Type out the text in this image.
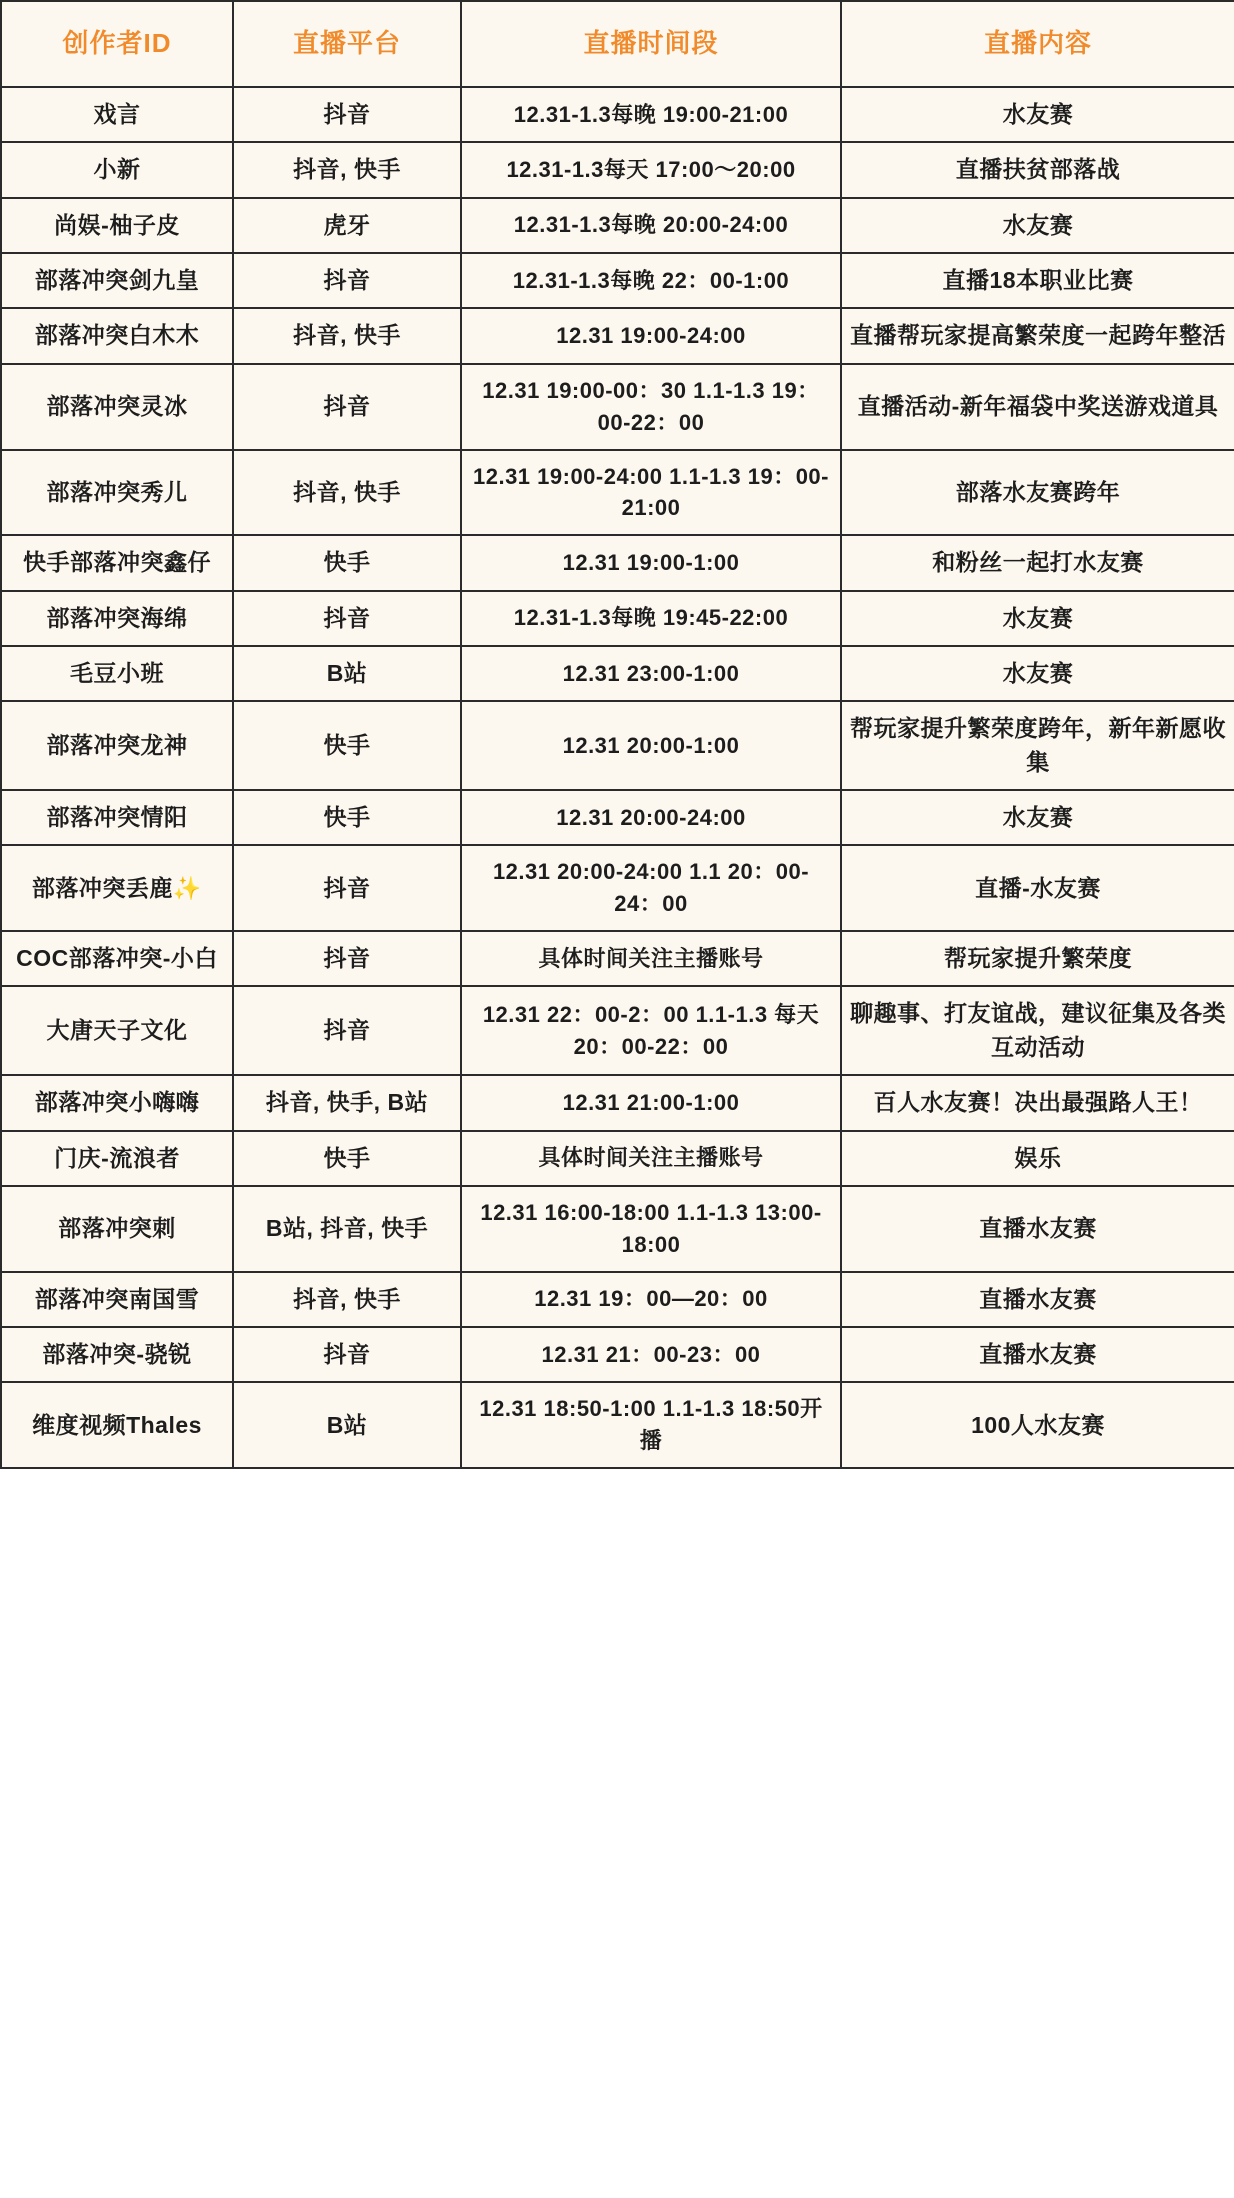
创作者ID	直播平台	直播时间段	直播内容
戏言	抖音	12.31-1.3每晚 19:00-21:00	水友赛
小新	抖音, 快手	12.31-1.3每天 17:00～20:00	直播扶贫部落战
尚娱-柚子皮	虎牙	12.31-1.3每晚 20:00-24:00	水友赛
部落冲突剑九皇	抖音	12.31-1.3每晚 22：00-1:00	直播18本职业比赛
部落冲突白木木	抖音, 快手	12.31 19:00-24:00	直播帮玩家提高繁荣度一起跨年整活
部落冲突灵冰	抖音	12.31 19:00-00：30 1.1-1.3 19：00-22：00	直播活动-新年福袋中奖送游戏道具
部落冲突秀儿	抖音, 快手	12.31 19:00-24:00 1.1-1.3 19：00-21:00	部落水友赛跨年
快手部落冲突鑫仔	快手	12.31 19:00-1:00	和粉丝一起打水友赛
部落冲突海绵	抖音	12.31-1.3每晚 19:45-22:00	水友赛
毛豆小班	B站	12.31 23:00-1:00	水友赛
部落冲突龙神	快手	12.31 20:00-1:00	帮玩家提升繁荣度跨年，新年新愿收集
部落冲突情阳	快手	12.31 20:00-24:00	水友赛
部落冲突丢鹿✨	抖音	12.31 20:00-24:00 1.1 20：00-24：00	直播-水友赛
COC部落冲突-小白	抖音	具体时间关注主播账号	帮玩家提升繁荣度
大唐天子文化	抖音	12.31 22：00-2：00 1.1-1.3 每天20：00-22：00	聊趣事、打友谊战，建议征集及各类互动活动
部落冲突小嗨嗨	抖音, 快手, B站	12.31 21:00-1:00	百人水友赛！决出最强路人王！
门庆-流浪者	快手	具体时间关注主播账号	娱乐
部落冲突刺	B站, 抖音, 快手	12.31 16:00-18:00 1.1-1.3 13:00-18:00	直播水友赛
部落冲突南国雪	抖音, 快手	12.31 19：00—20：00	直播水友赛
部落冲突-骁锐	抖音	12.31 21：00-23：00	直播水友赛
维度视频Thales	B站	12.31 18:50-1:00 1.1-1.3 18:50开播	100人水友赛
